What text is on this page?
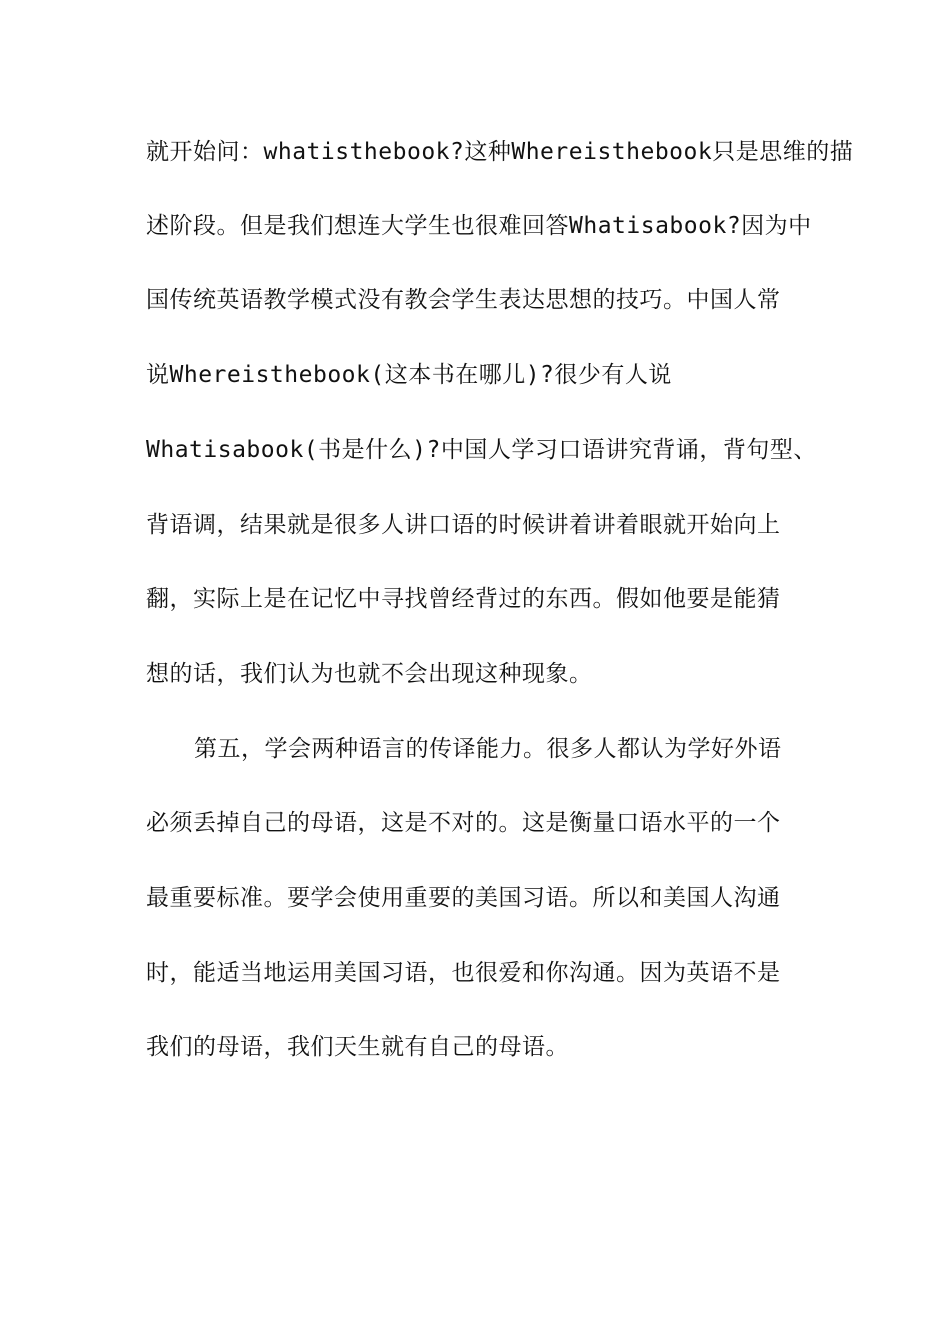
就开始问：whatisthebook?这种Whereisthebook只是思维的描
述阶段。但是我们想连大学生也很难回答Whatisabook?因为中
国传统英语教学模式没有教会学生表达思想的技巧。中国人常
说Whereisthebook(这本书在哪儿)?很少有人说
Whatisabook(书是什么)?中国人学习口语讲究背诵，背句型、
背语调，结果就是很多人讲口语的时候讲着讲着眼就开始向上
翻，实际上是在记忆中寻找曾经背过的东西。假如他要是能猜
想的话，我们认为也就不会出现这种现象。
第五，学会两种语言的传译能力。很多人都认为学好外语
必须丢掉自己的母语，这是不对的。这是衡量口语水平的一个
最重要标准。要学会使用重要的美国习语。所以和美国人沟通
时，能适当地运用美国习语，也很爱和你沟通。因为英语不是
我们的母语，我们天生就有自己的母语。
